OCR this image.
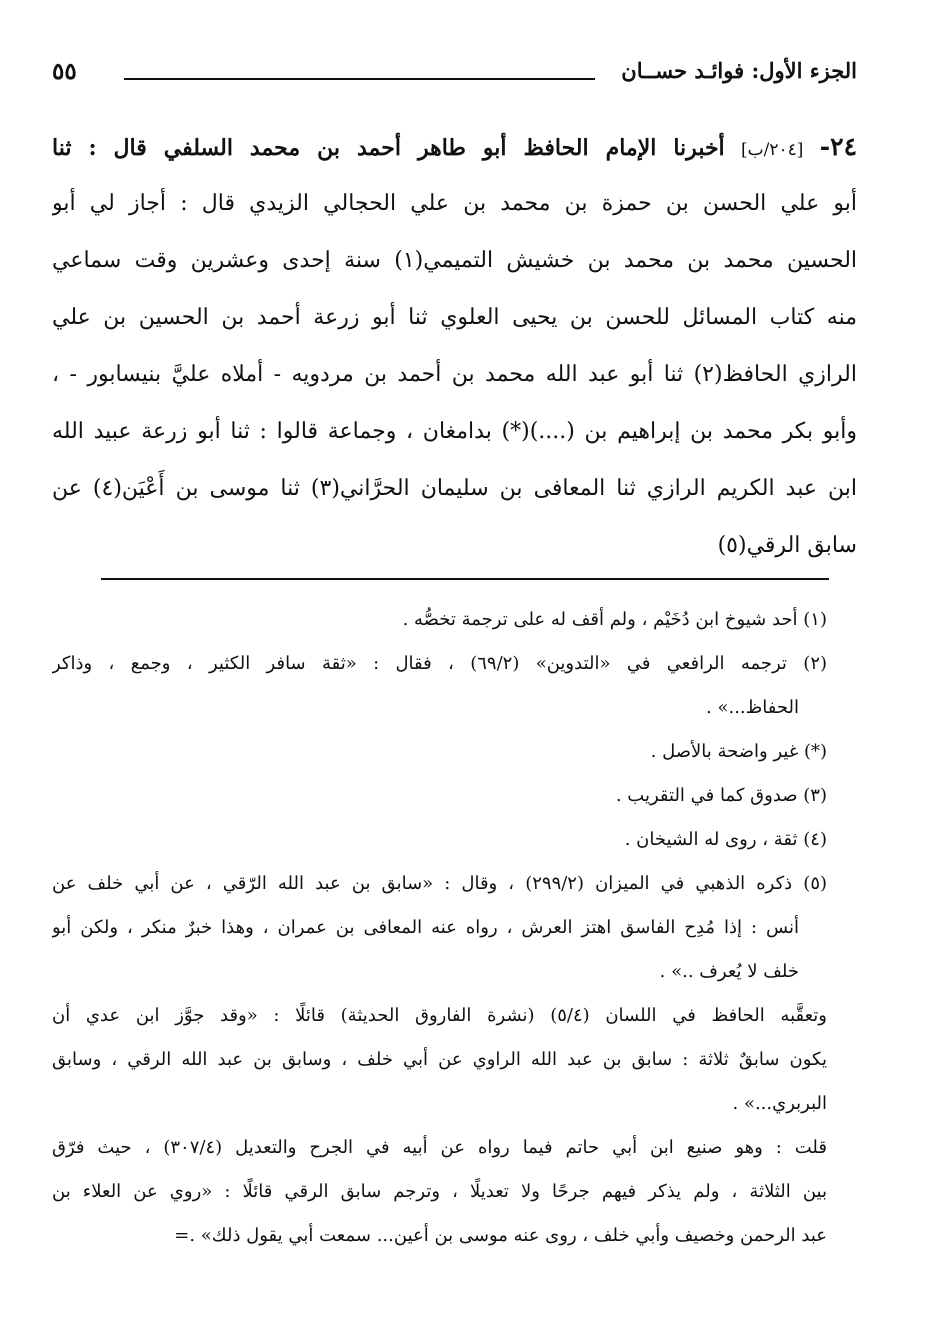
الجزء الأول: فوائـد حســان
٥٥
٢٤- [٢٠٤/ب] أخبرنا الإمام الحافظ أبو طاهر أحمد بن محمد السلفي قال : ثنا
أبو علي الحسن بن حمزة بن محمد بن علي الحجالي الزيدي قال : أجاز لي أبو
الحسين محمد بن محمد بن خشيش التميمي(١) سنة إحدى وعشرين وقت سماعي
منه كتاب المسائل للحسن بن يحيى العلوي ثنا أبو زرعة أحمد بن الحسين بن علي
الرازي الحافظ(٢) ثنا أبو عبد الله محمد بن أحمد بن مردويه - أملاه عليَّ بنيسابور - ،
وأبو بكر محمد بن إبراهيم بن (....)(*) بدامغان ، وجماعة قالوا : ثنا أبو زرعة عبيد الله
ابن عبد الكريم الرازي ثنا المعافى بن سليمان الحرَّاني(٣) ثنا موسى بن أَعْيَن(٤) عن
سابق الرقي(٥)
(١) أحد شيوخ ابن دُخَيْم ، ولم أقف له على ترجمة تخصُّه .
(٢) ترجمه الرافعي في «التدوين» (٦٩/٢) ، فقال : «ثقة سافر الكثير ، وجمع ، وذاكر
الحفاظ...» .
(*) غير واضحة بالأصل .
(٣) صدوق كما في التقريب .
(٤) ثقة ، روى له الشيخان .
(٥) ذكره الذهبي في الميزان (٢٩٩/٢) ، وقال : «سابق بن عبد الله الرّقي ، عن أبي خلف عن
أنس : إذا مُدِح الفاسق اهتز العرش ، رواه عنه المعافى بن عمران ، وهذا خبرٌ منكر ، ولكن أبو
خلف لا يُعرف ..» .
وتعقَّبه الحافظ في اللسان (٥/٤) (نشرة الفاروق الحديثة) قائلًا : «وقد جوَّز ابن عدي أن
يكون سابقٌ ثلاثة : سابق بن عبد الله الراوي عن أبي خلف ، وسابق بن عبد الله الرقي ، وسابق
البربري...» .
قلت : وهو صنيع ابن أبي حاتم فيما رواه عن أبيه في الجرح والتعديل (٣٠٧/٤) ، حيث فرّق
بين الثلاثة ، ولم يذكر فيهم جرحًا ولا تعديلًا ، وترجم سابق الرقي قائلًا : «روي عن العلاء بن
عبد الرحمن وخصيف وأبي خلف ، روى عنه موسى بن أعين... سمعت أبي يقول ذلك» .=
